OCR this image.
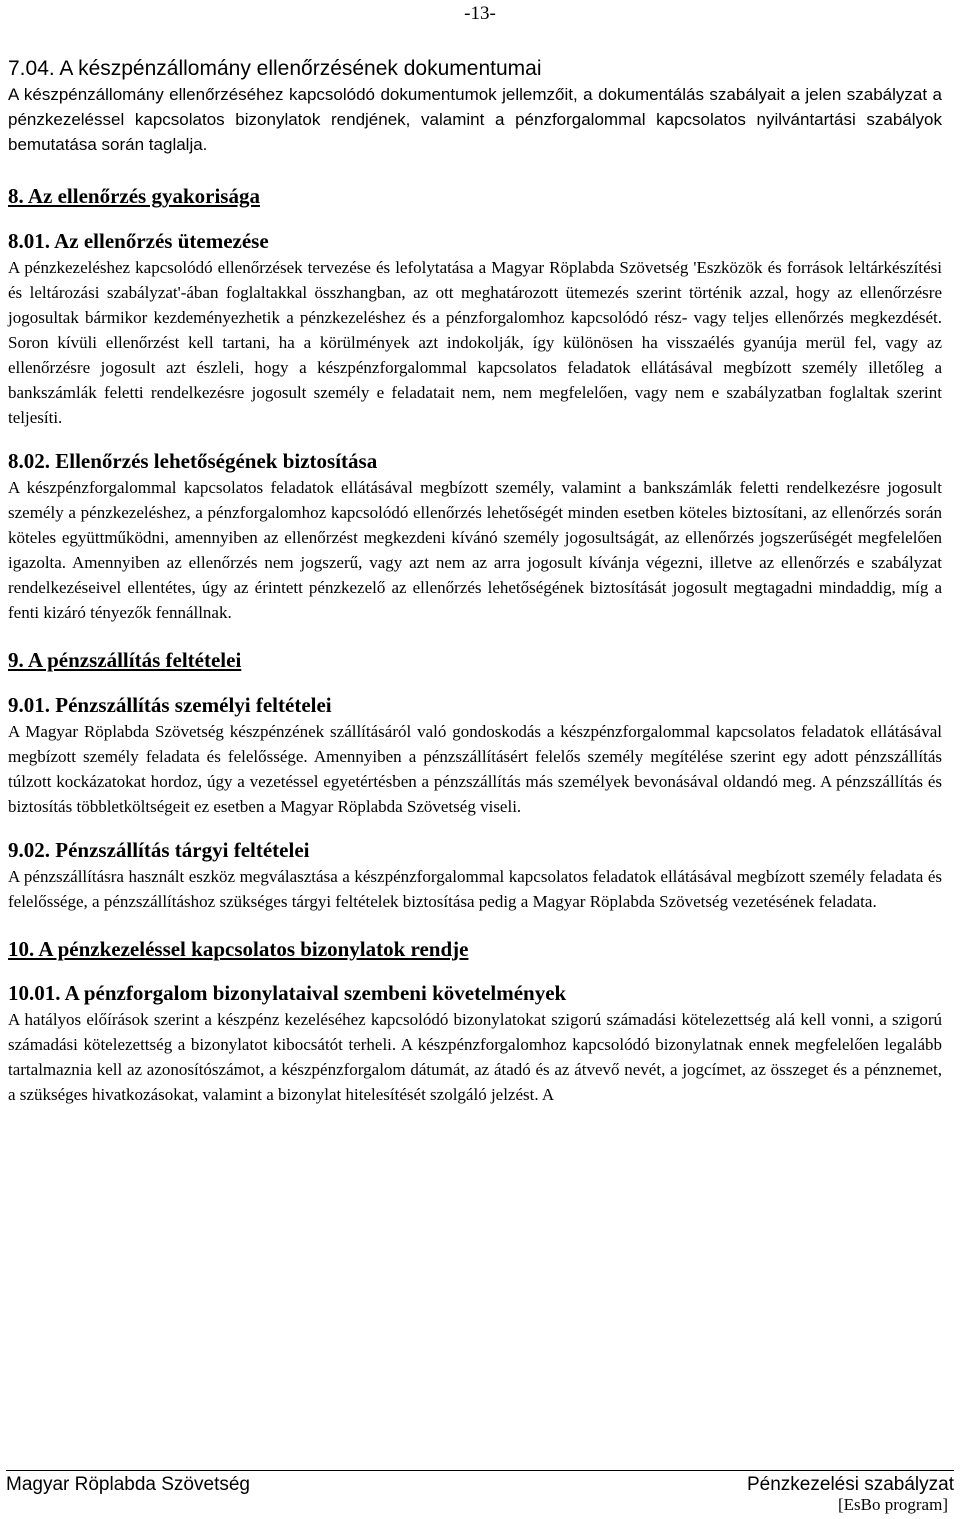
-13-
7.04. A készpénzállomány ellenőrzésének dokumentumai

A készpénzállomány ellenőrzéséhez kapcsolódó dokumentumok jellemzőit, a dokumentálás szabályait a jelen szabályzat a pénzkezeléssel kapcsolatos bizonylatok rendjének, valamint a pénzforgalommal kapcsolatos nyilvántartási szabályok bemutatása során taglalja.

8. Az ellenőrzés gyakorisága
8.01. Az ellenőrzés ütemezése

A pénzkezeléshez kapcsolódó ellenőrzések tervezése és lefolytatása a Magyar Röplabda Szövetség 'Eszközök és források leltárkészítési és leltározási szabályzat'-ában foglaltakkal összhangban, az ott meghatározott ütemezés szerint történik azzal, hogy az ellenőrzésre jogosultak bármikor kezdeményezhetik a pénzkezeléshez és a pénzforgalomhoz kapcsolódó rész- vagy teljes ellenőrzés megkezdését. Soron kívüli ellenőrzést kell tartani, ha a körülmények azt indokolják, így különösen ha visszaélés gyanúja merül fel, vagy az ellenőrzésre jogosult azt észleli, hogy a készpénzforgalommal kapcsolatos feladatok ellátásával megbízott személy illetőleg a bankszámlák feletti rendelkezésre jogosult személy e feladatait nem, nem megfelelően, vagy nem e szabályzatban foglaltak szerint teljesíti.

8.02. Ellenőrzés lehetőségének biztosítása

A készpénzforgalommal kapcsolatos feladatok ellátásával megbízott személy, valamint a bankszámlák feletti rendelkezésre jogosult személy a pénzkezeléshez, a pénzforgalomhoz kapcsolódó ellenőrzés lehetőségét minden esetben köteles biztosítani, az ellenőrzés során köteles együttműködni, amennyiben az ellenőrzést megkezdeni kívánó személy jogosultságát, az ellenőrzés jogszerűségét megfelelően igazolta. Amennyiben az ellenőrzés nem jogszerű, vagy azt nem az arra jogosult kívánja végezni, illetve az ellenőrzés e szabályzat rendelkezéseivel ellentétes, úgy az érintett pénzkezelő az ellenőrzés lehetőségének biztosítását jogosult megtagadni mindaddig, míg a fenti kizáró tényezők fennállnak.

9. A pénzszállítás feltételei
9.01. Pénzszállítás személyi feltételei

A Magyar Röplabda Szövetség készpénzének szállításáról való gondoskodás a készpénzforgalommal kapcsolatos feladatok ellátásával megbízott személy feladata és felelőssége. Amennyiben a pénzszállításért felelős személy megítélése szerint egy adott pénzszállítás túlzott kockázatokat hordoz, úgy a vezetéssel egyetértésben a pénzszállítás más személyek bevonásával oldandó meg. A pénzszállítás és biztosítás többletköltségeit ez esetben a Magyar Röplabda Szövetség viseli.

9.02. Pénzszállítás tárgyi feltételei

A pénzszállításra használt eszköz megválasztása a készpénzforgalommal kapcsolatos feladatok ellátásával megbízott személy feladata és felelőssége, a pénzszállításhoz szükséges tárgyi feltételek biztosítása pedig a Magyar Röplabda Szövetség vezetésének feladata.

10. A pénzkezeléssel kapcsolatos bizonylatok rendje
10.01. A pénzforgalom bizonylataival szembeni követelmények

A hatályos előírások szerint a készpénz kezeléséhez kapcsolódó bizonylatokat szigorú számadási kötelezettség alá kell vonni, a szigorú számadási kötelezettség a bizonylatot kibocsátót terheli. A készpénzforgalomhoz kapcsolódó bizonylatnak ennek megfelelően legalább tartalmaznia kell az azonosítószámot, a készpénzforgalom dátumát, az átadó és az átvevő nevét, a jogcímet, az összeget és a pénznemet, a szükséges hivatkozásokat, valamint a bizonylat hitelesítését szolgáló jelzést. A

Magyar Röplabda Szövetség	Pénzkezelési szabályzat
[EsBo program]
